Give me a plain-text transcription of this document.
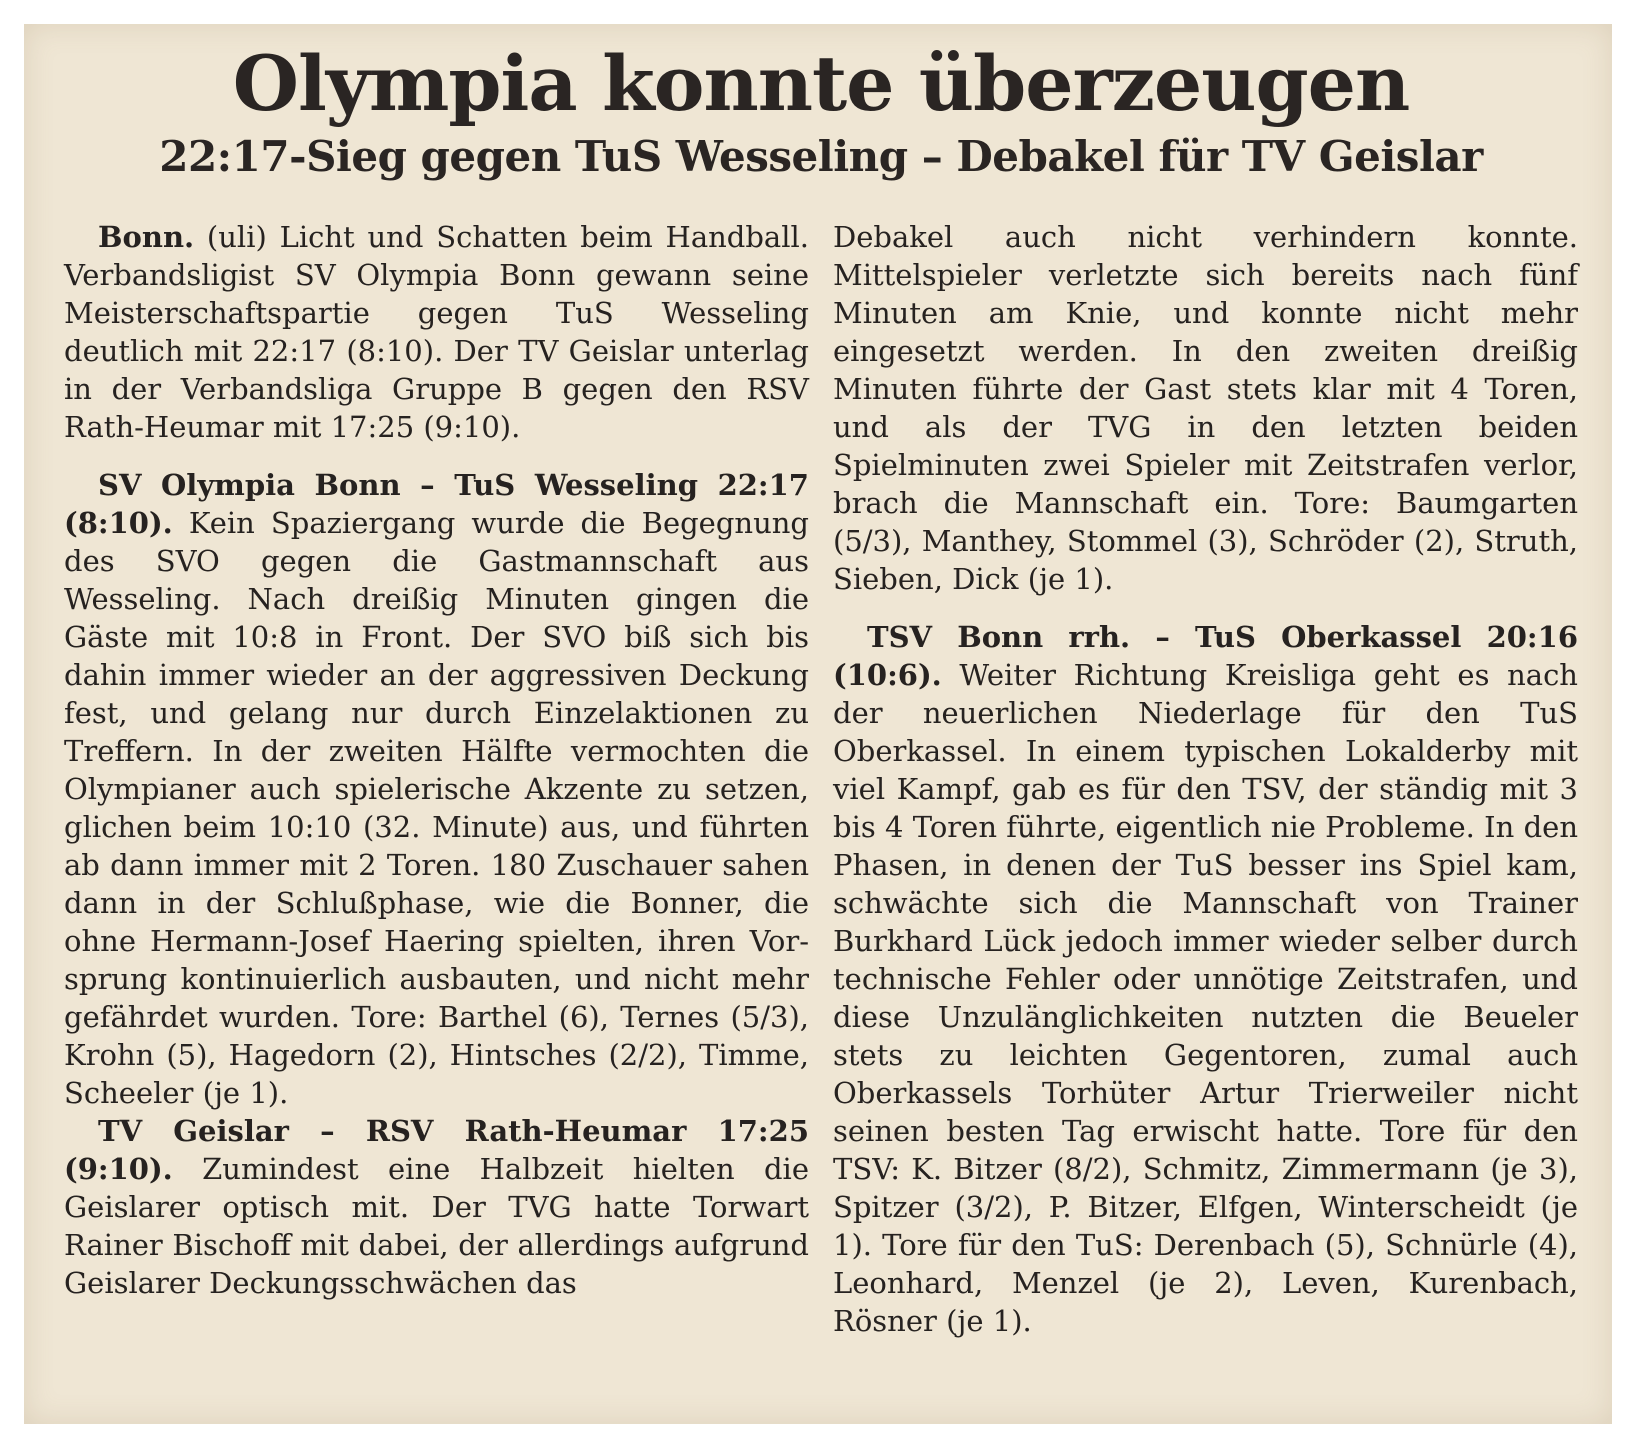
Olympia konnte überzeugen
22:17-Sieg gegen TuS Wesseling – Debakel für TV Geislar

Bonn. (uli) Licht und Schatten beim Handball. Verbandsligist SV Olympia Bonn gewann seine Meisterschaftspartie gegen TuS Wesseling deutlich mit 22:17 (8:10). Der TV Geislar unterlag in der Verbandsliga Gruppe B gegen den RSV Rath-Heumar mit 17:25 (9:10).

SV Olympia Bonn – TuS Wesseling 22:17 (8:10). Kein Spaziergang wurde die Begegnung des SVO gegen die Gastmannschaft aus Wesseling. Nach dreißig Minuten gingen die Gäste mit 10:8 in Front. Der SVO biß sich bis dahin immer wieder an der aggressiven Deckung fest, und gelang nur durch Einzelaktionen zu Treffern. In der zweiten Hälfte vermochten die Olympianer auch spielerische Akzente zu setzen, glichen beim 10:10 (32. Minute) aus, und führten ab dann immer mit 2 Toren. 180 Zuschauer sahen dann in der Schlußphase, wie die Bonner, die ohne Hermann-Josef Haering spielten, ihren Vorsprung kontinuierlich ausbauten, und nicht mehr gefährdet wurden. Tore: Barthel (6), Ternes (5/3), Krohn (5), Hagedorn (2), Hintsches (2/2), Timme, Scheeler (je 1).

TV Geislar – RSV Rath-Heumar 17:25 (9:10). Zumindest eine Halbzeit hielten die Geislarer optisch mit. Der TVG hatte Torwart Rainer Bischoff mit dabei, der allerdings aufgrund Geislarer Deckungsschwächen das

Debakel auch nicht verhindern konnte. Mittelspieler verletzte sich bereits nach fünf Minuten am Knie, und konnte nicht mehr eingesetzt werden. In den zweiten dreißig Minuten führte der Gast stets klar mit 4 Toren, und als der TVG in den letzten beiden Spielminuten zwei Spieler mit Zeitstrafen verlor, brach die Mannschaft ein. Tore: Baumgarten (5/3), Manthey, Stommel (3), Schröder (2), Struth, Sieben, Dick (je 1).

TSV Bonn rrh. – TuS Oberkassel 20:16 (10:6). Weiter Richtung Kreisliga geht es nach der neuerlichen Niederlage für den TuS Oberkassel. In einem typischen Lokalderby mit viel Kampf, gab es für den TSV, der ständig mit 3 bis 4 Toren führte, eigentlich nie Probleme. In den Phasen, in denen der TuS besser ins Spiel kam, schwächte sich die Mannschaft von Trainer Burkhard Lück jedoch immer wieder selber durch technische Fehler oder unnötige Zeitstrafen, und diese Unzulänglichkeiten nutzten die Beueler stets zu leichten Gegentoren, zumal auch Oberkassels Torhüter Artur Trierweiler nicht seinen besten Tag erwischt hatte. Tore für den TSV: K. Bitzer (8/2), Schmitz, Zimmermann (je 3), Spitzer (3/2), P. Bitzer, Elfgen, Winterscheidt (je 1). Tore für den TuS: Derenbach (5), Schnürle (4), Leonhard, Menzel (je 2), Leven, Kurenbach, Rösner (je 1).
